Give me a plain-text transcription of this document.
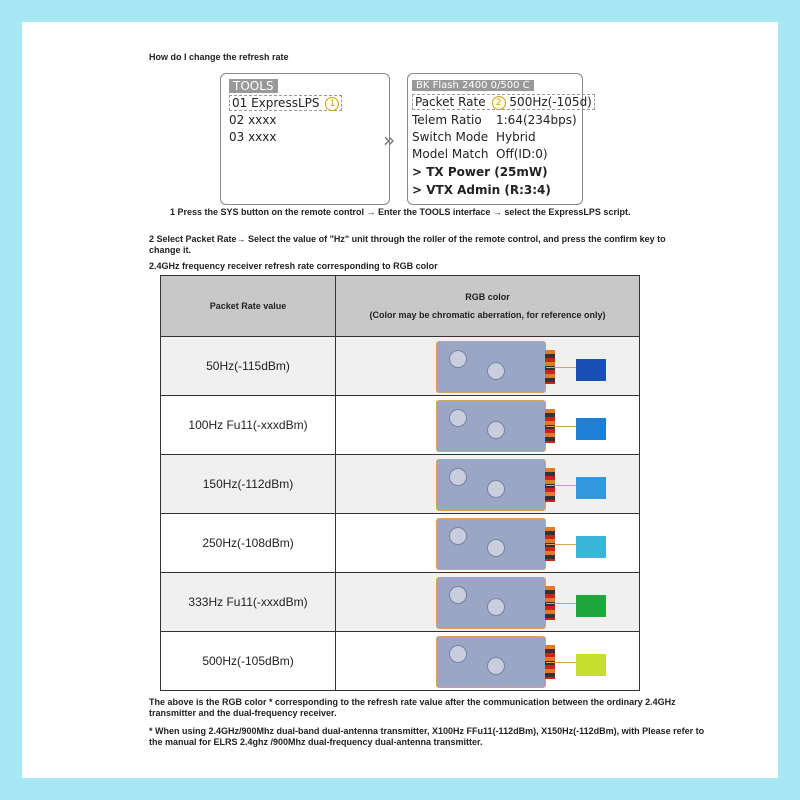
How do I change the refresh rate
TOOLS
01 ExpressLPS 1
02 xxxx
03 xxxx	»
BK Flash 2400 0/500 C
Packet Rate 2 500Hz(-105d)
Telem Ratio 1:64(234bps)
Switch Mode Hybrid
Model Match Off(ID:0)
> TX Power (25mW)
> VTX Admin (R:3:4)
1 Press the SYS button on the remote control → Enter the TOOLS interface → select the ExpressLPS script.
2 Select Packet Rate→ Select the value of "Hz" unit through the roller of the remote control, and press the confirm key to change it.
2.4GHz frequency receiver refresh rate corresponding to RGB color
Packet Rate value	RGB color
(Color may be chromatic aberration, for reference only)

50Hz(-115dBm)	

100Hz Fu11(-xxxdBm)	

150Hz(-112dBm)	

250Hz(-108dBm)	

333Hz Fu11(-xxxdBm)	

500Hz(-105dBm)	
The above is the RGB color * corresponding to the refresh rate value after the communication between the ordinary 2.4GHz transmitter and the dual-frequency receiver.
* When using 2.4GHz/900Mhz dual-band dual-antenna transmitter, X100Hz FFu11(-112dBm), X150Hz(-112dBm), with Please refer to the manual for ELRS 2.4ghz /900Mhz dual-frequency dual-antenna transmitter.
